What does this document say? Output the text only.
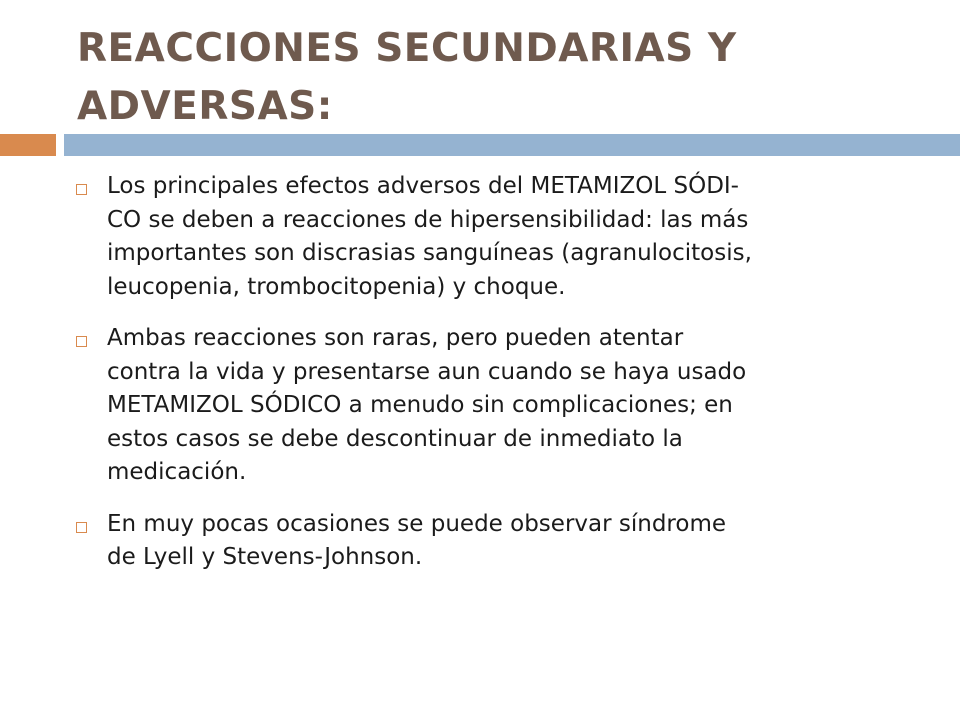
REACCIONES SECUNDARIAS Y
ADVERSAS:
Los principales efectos adversos del METAMIZOL SÓDI-
CO se deben a reacciones de hipersensibilidad: las más
importantes son discrasias sanguíneas (agranulocitosis,
leucopenia, trombocitopenia) y choque.
Ambas reacciones son raras, pero pueden atentar
contra la vida y presentarse aun cuando se haya usado
METAMIZOL SÓDICO a menudo sin complicaciones; en
estos casos se debe descontinuar de inmediato la
medicación.
En muy pocas ocasiones se puede observar síndrome
de Lyell y Stevens-Johnson.
